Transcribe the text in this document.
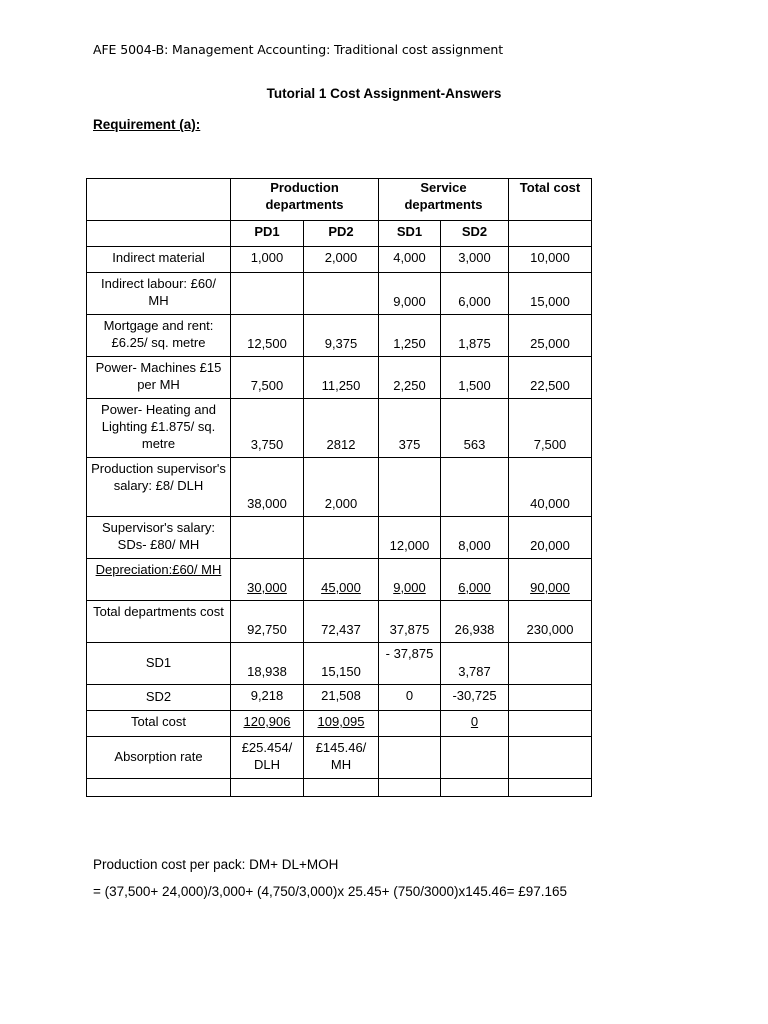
AFE 5004-B: Management Accounting: Traditional cost assignment
Tutorial 1 Cost Assignment-Answers
Requirement (a):
	Production departments		Service departments		Total cost
	PD1	PD2	SD1	SD2	
Indirect material	1,000	2,000	4,000	3,000	10,000
Indirect labour: £60/ MH			9,000	6,000	15,000
Mortgage and rent: £6.25/ sq. metre	12,500	9,375	1,250	1,875	25,000
Power- Machines £15 per MH	7,500	11,250	2,250	1,500	22,500
Power- Heating and Lighting £1.875/ sq. metre	3,750	2812	375	563	7,500
Production supervisor's salary: £8/ DLH	38,000	2,000			40,000
Supervisor's salary: SDs- £80/ MH			12,000	8,000	20,000
Depreciation:£60/ MH	30,000	45,000	9,000	6,000	90,000
Total departments cost	92,750	72,437	37,875	26,938	230,000
SD1	18,938	15,150	- 37,875	3,787	
SD2	9,218	21,508	0	-30,725	
Total cost	120,906	109,095		0	
Absorption rate	£25.454/ DLH	£145.46/ MH			

Production cost per pack: DM+ DL+MOH
= (37,500+ 24,000)/3,000+ (4,750/3,000)x 25.45+ (750/3000)x145.46= £97.165
